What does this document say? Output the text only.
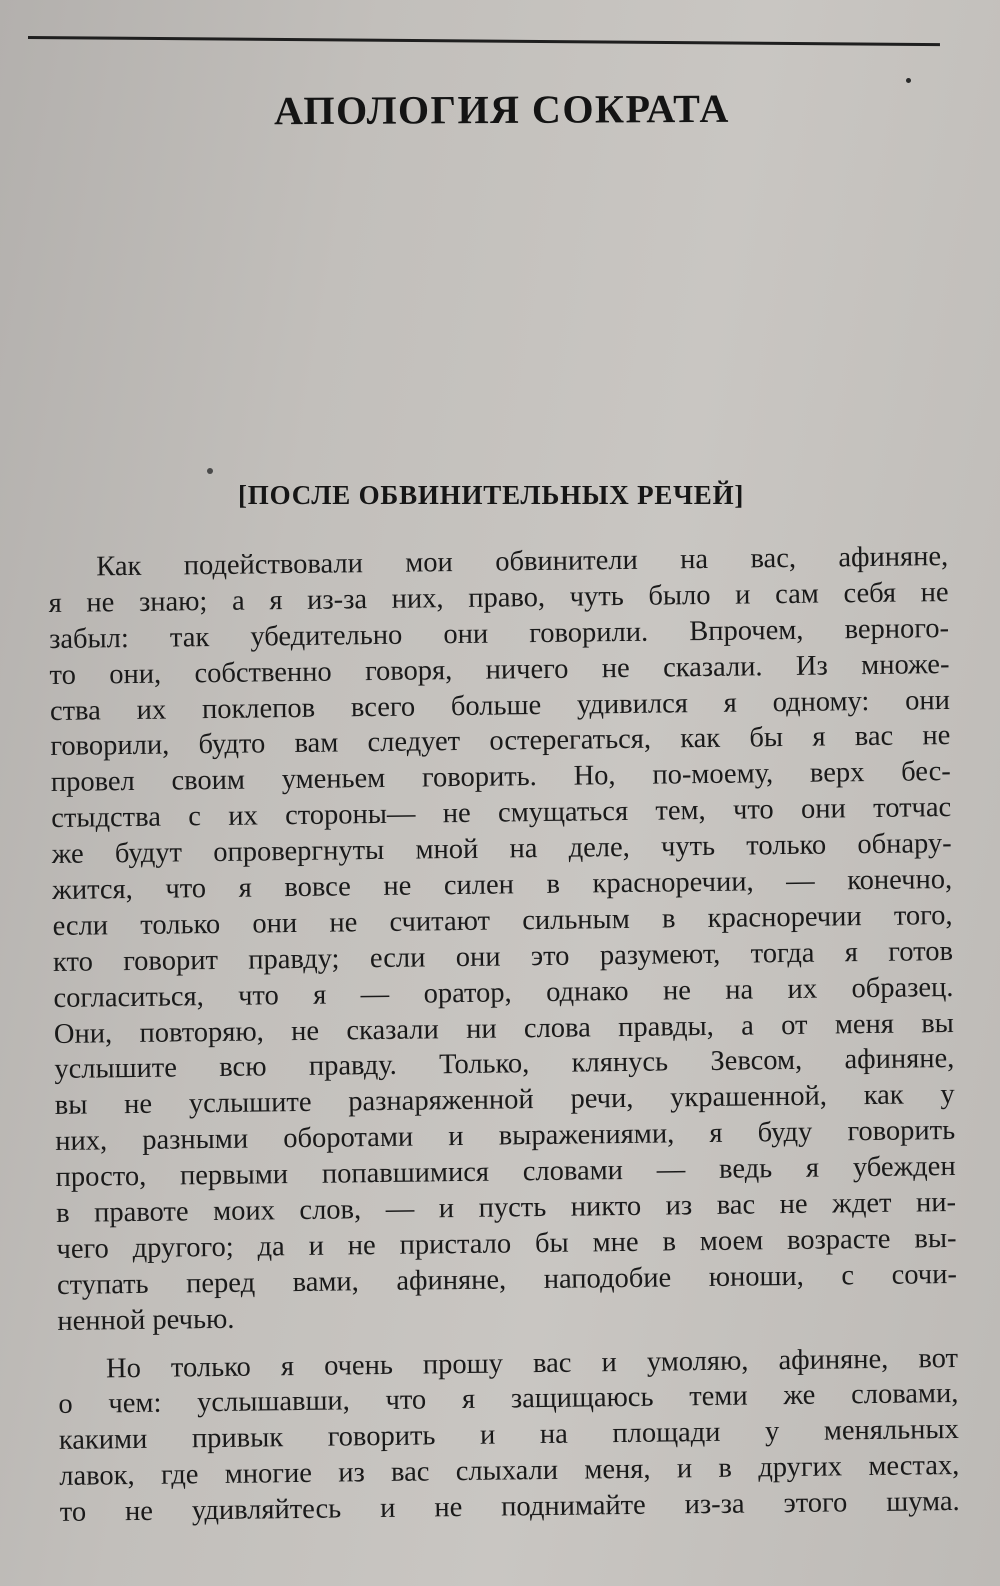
АПОЛОГИЯ СОКРАТА
[ПОСЛЕ ОБВИНИТЕЛЬНЫХ РЕЧЕЙ]
Как подействовали мои обвинители на вас, афиняне,
я не знаю; а я из-за них, право, чуть было и сам себя не
забыл: так убедительно они говорили. Впрочем, верного-
то они, собственно говоря, ничего не сказали. Из множе-
ства их поклепов всего больше удивился я одному: они
говорили, будто вам следует остерегаться, как бы я вас не
провел своим уменьем говорить. Но, по-моему, верх бес-
стыдства с их стороны— не смущаться тем, что они тотчас
же будут опровергнуты мной на деле, чуть только обнару-
жится, что я вовсе не силен в красноречии, — конечно,
если только они не считают сильным в красноречии того,
кто говорит правду; если они это разумеют, тогда я готов
согласиться, что я — оратор, однако не на их образец.
Они, повторяю, не сказали ни слова правды, а от меня вы
услышите всю правду. Только, клянусь Зевсом, афиняне,
вы не услышите разнаряженной речи, украшенной, как у
них, разными оборотами и выражениями, я буду говорить
просто, первыми попавшимися словами — ведь я убежден
в правоте моих слов, — и пусть никто из вас не ждет ни-
чего другого; да и не пристало бы мне в моем возрасте вы-
ступать перед вами, афиняне, наподобие юноши, с сочи-
ненной речью.
Но только я очень прошу вас и умоляю, афиняне, вот
о чем: услышавши, что я защищаюсь теми же словами,
какими привык говорить и на площади у меняльных
лавок, где многие из вас слыхали меня, и в других местах,
то не удивляйтесь и не поднимайте из-за этого шума.
